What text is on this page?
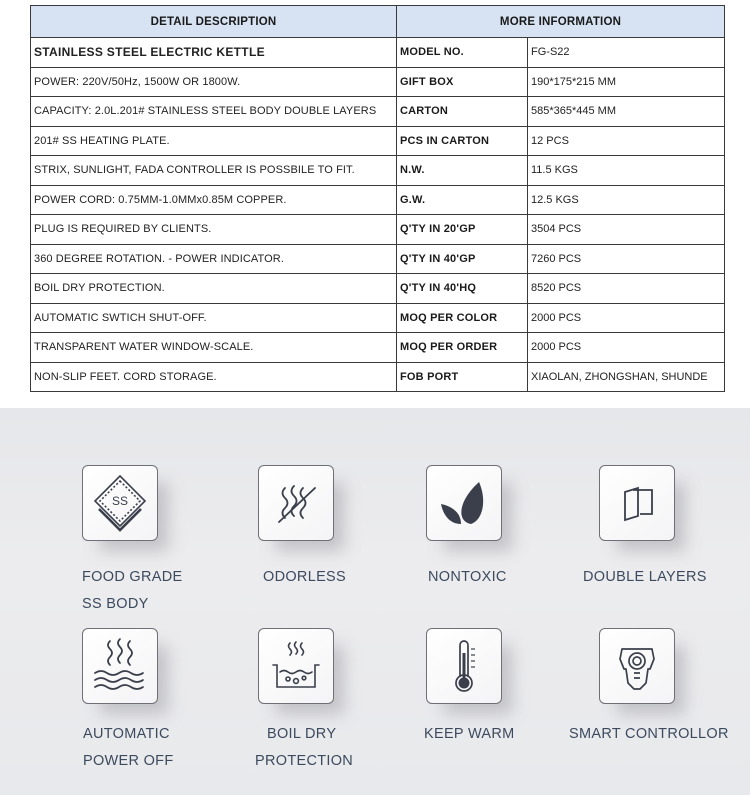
DETAIL DESCRIPTION	MORE INFORMATION	
STAINLESS STEEL ELECTRIC KETTLE	MODEL NO.	FG-S22
POWER: 220V/50Hz, 1500W OR 1800W.	GIFT BOX	190*175*215 MM
CAPACITY: 2.0L.201# STAINLESS STEEL BODY DOUBLE LAYERS	CARTON	585*365*445 MM
201# SS HEATING PLATE.	PCS IN CARTON	12 PCS
STRIX, SUNLIGHT, FADA CONTROLLER IS POSSBILE TO FIT.	N.W.	11.5 KGS
POWER CORD: 0.75MM-1.0MMx0.85M COPPER.	G.W.	12.5 KGS
PLUG IS REQUIRED BY CLIENTS.	Q'TY IN 20'GP	3504 PCS
360 DEGREE ROTATION. - POWER INDICATOR.	Q'TY IN 40'GP	7260 PCS
BOIL DRY PROTECTION.	Q'TY IN 40'HQ	8520 PCS
AUTOMATIC SWTICH SHUT-OFF.	MOQ PER COLOR	2000 PCS
TRANSPARENT WATER WINDOW-SCALE.	MOQ PER ORDER	2000 PCS
NON-SLIP FEET. CORD STORAGE.	FOB PORT	XIAOLAN, ZHONGSHAN, SHUNDE
SS
FOOD GRADE
SS BODY
ODORLESS	NONTOXIC	DOUBLE LAYERS
AUTOMATIC
POWER OFF
BOIL DRY
PROTECTION
KEEP WARM	SMART CONTROLLOR
